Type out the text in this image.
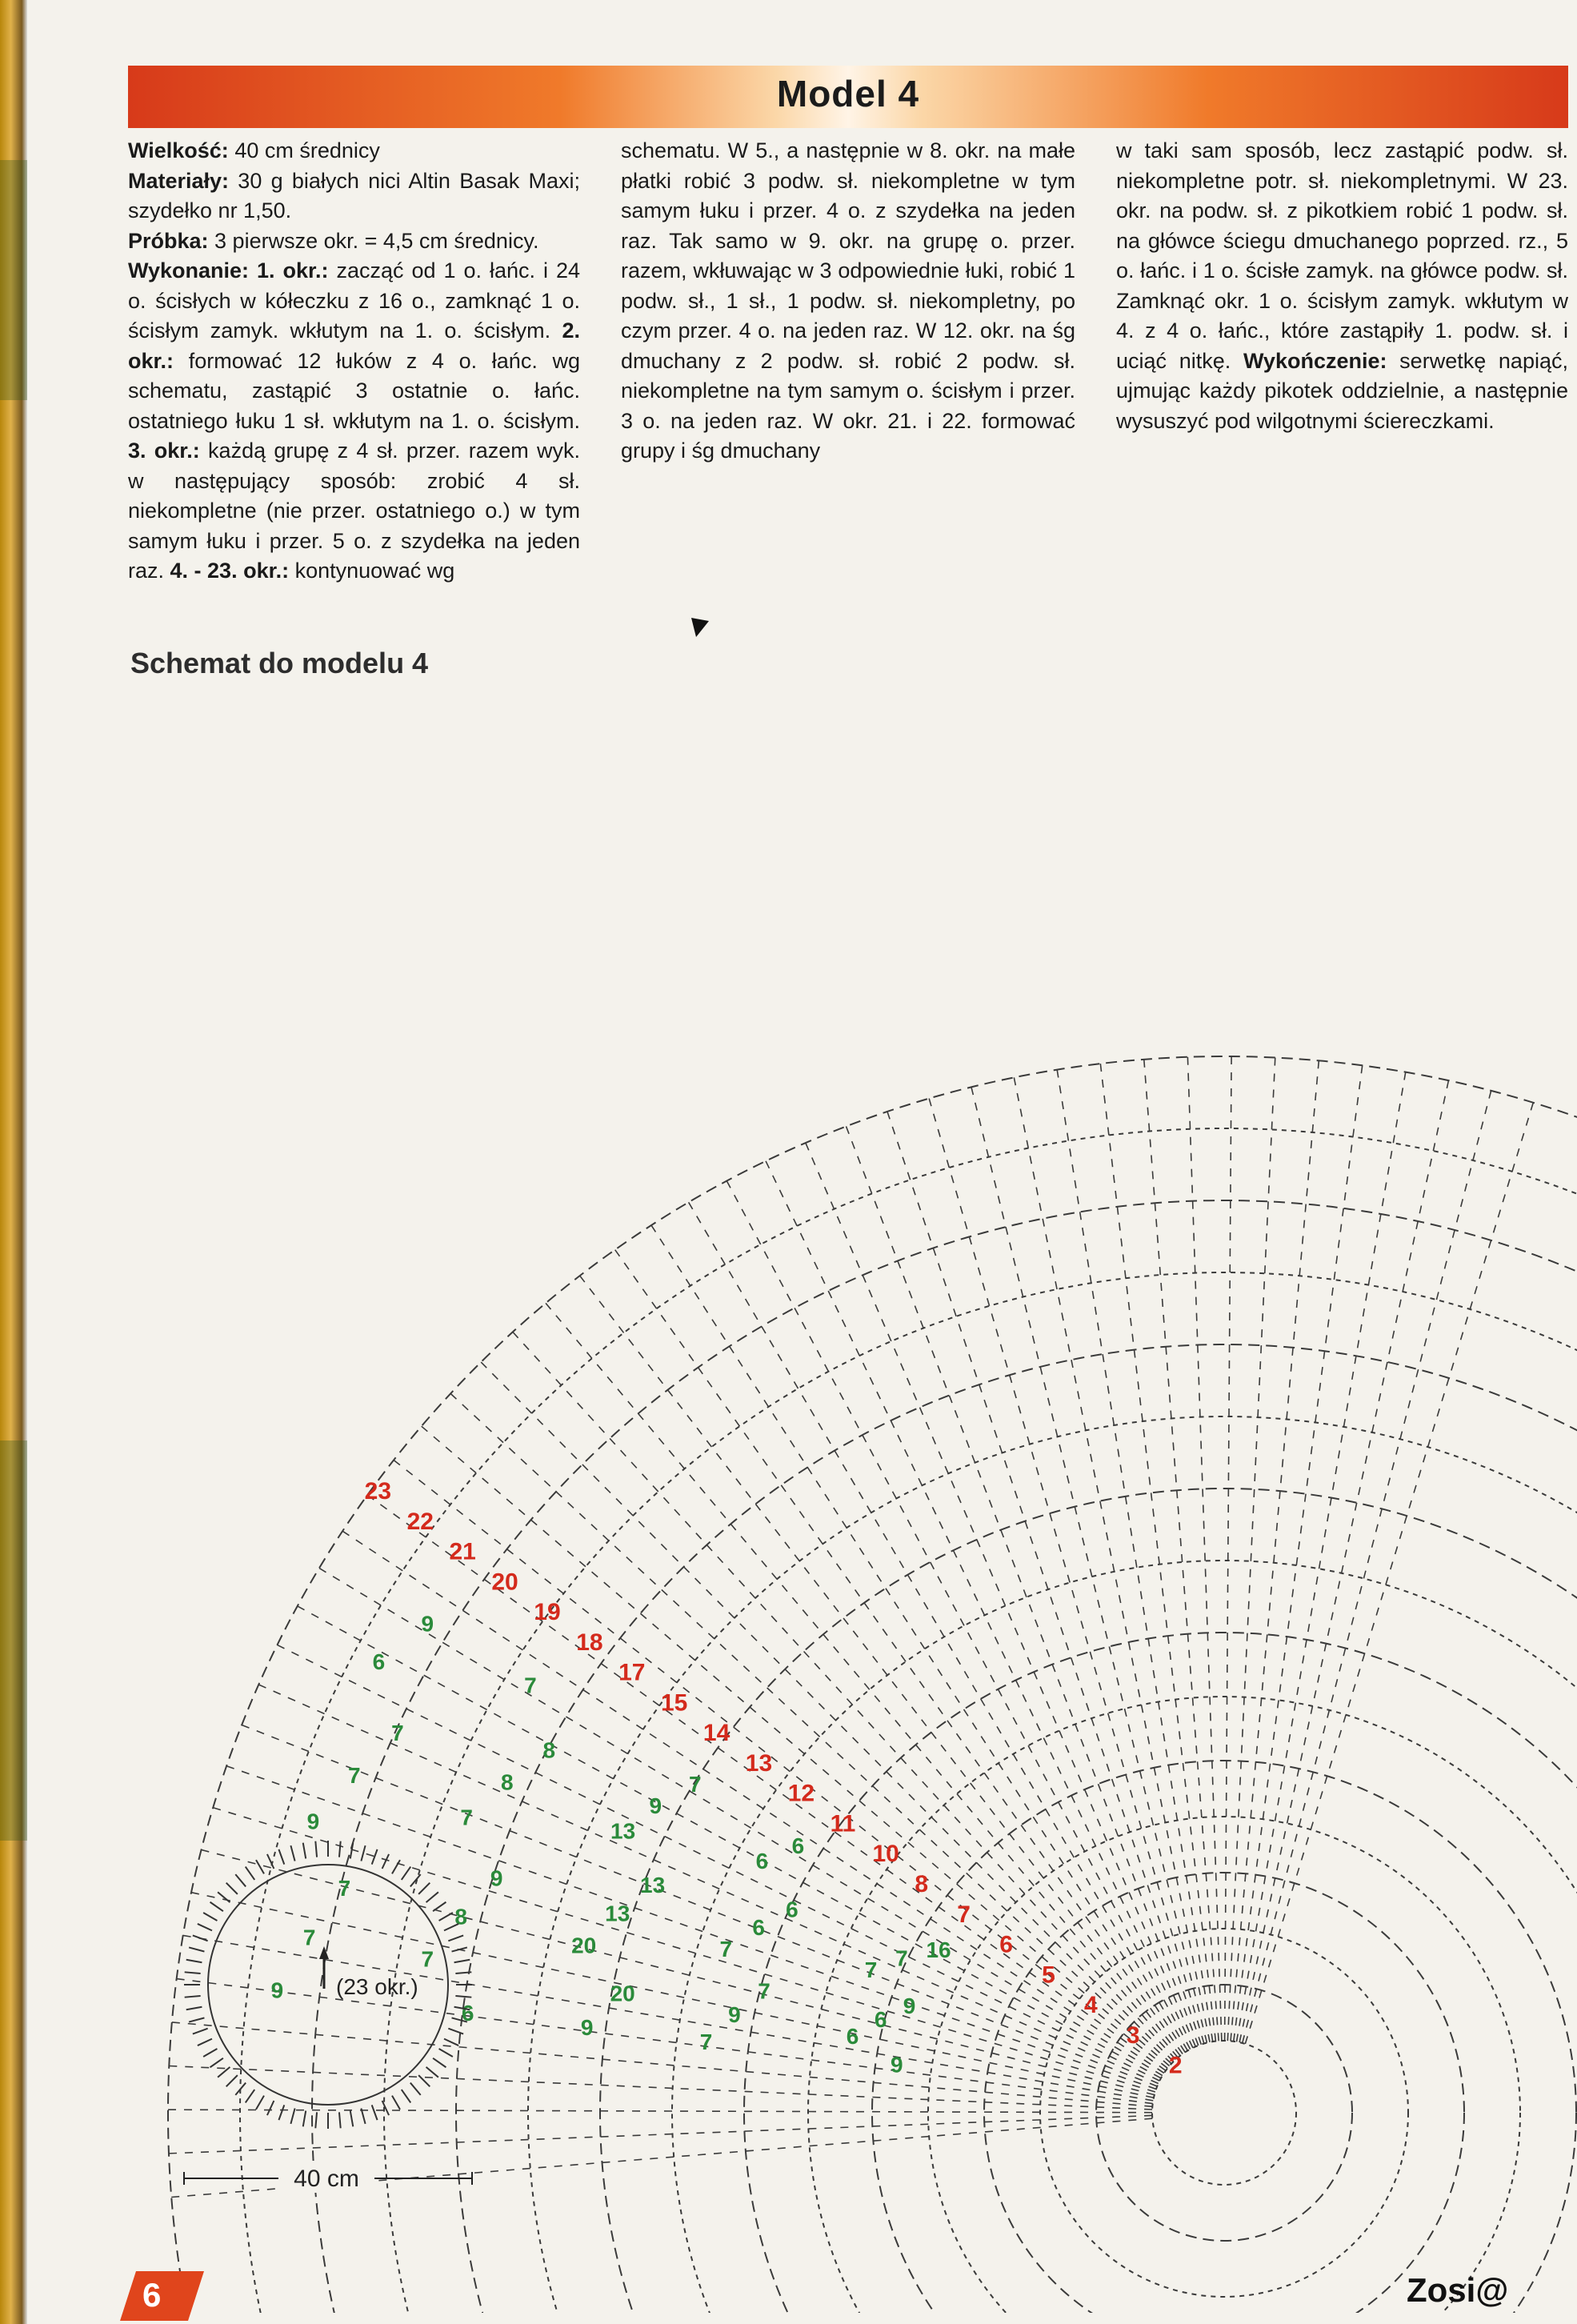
Model 4
Wielkość: 40 cm średnicy
Materiały: 30 g białych nici Altin Basak Maxi; szydełko nr 1,50.
Próbka: 3 pierwsze okr. = 4,5 cm średnicy.
Wykonanie: 1. okr.: zacząć od 1 o. łańc. i 24 o. ścisłych w kółeczku z 16 o., zamknąć 1 o. ścisłym zamyk. wkłutym na 1. o. ścisłym. 2. okr.: formować 12 łuków z 4 o. łańc. wg schematu, zastąpić 3 ostatnie o. łańc. ostatniego łuku 1 sł. wkłutym na 1. o. ścisłym. 3. okr.: każdą grupę z 4 sł. przer. razem wyk. w następujący sposób: zrobić 4 sł. niekompletne (nie przer. ostatniego o.) w tym samym łuku i przer. 5 o. z szydełka na jeden raz. 4. - 23. okr.: kontynuować wg
schematu. W 5., a następnie w 8. okr. na małe płatki robić 3 podw. sł. niekompletne w tym samym łuku i przer. 4 o. z szydełka na jeden raz. Tak samo w 9. okr. na grupę o. przer. razem, wkłuwając w 3 odpowiednie łuki, robić 1 podw. sł., 1 sł., 1 podw. sł. niekompletny, po czym przer. 4 o. na jeden raz. W 12. okr. na śg dmuchany z 2 podw. sł. robić 2 podw. sł. niekompletne na tym samym o. ścisłym i przer. 3 o. na jeden raz. W okr. 21. i 22. formować grupy i śg dmuchany
w taki sam sposób, lecz zastąpić podw. sł. niekompletne potr. sł. niekompletnymi. W 23. okr. na podw. sł. z pikotkiem robić 1 podw. sł. na główce ściegu dmuchanego poprzed. rz., 5 o. łańc. i 1 o. ścisłe zamyk. na główce podw. sł. Zamknąć okr. 1 o. ścisłym zamyk. wkłutym w 4. z 4 o. łańc., które zastąpiły 1. podw. sł. i uciąć nitkę. Wykończenie: serwetkę napiąć, ujmując każdy pikotek oddzielnie, a następnie wysuszyć pod wilgotnymi ściereczkami.
Schemat do modelu 4
23
22
21
20
19
18
17
15
14
13
12
11
10
8
7
6
5
4
3
2
9
7
7
9
7
7
6
9
6
7
8
9
7
8
8
7
9
20
20
13
13
13
9
7
7
9
7
7
6
6
6
6
9
6
6
9
7 7 16
(23 okr.)
40 cm
6	Zosi@
